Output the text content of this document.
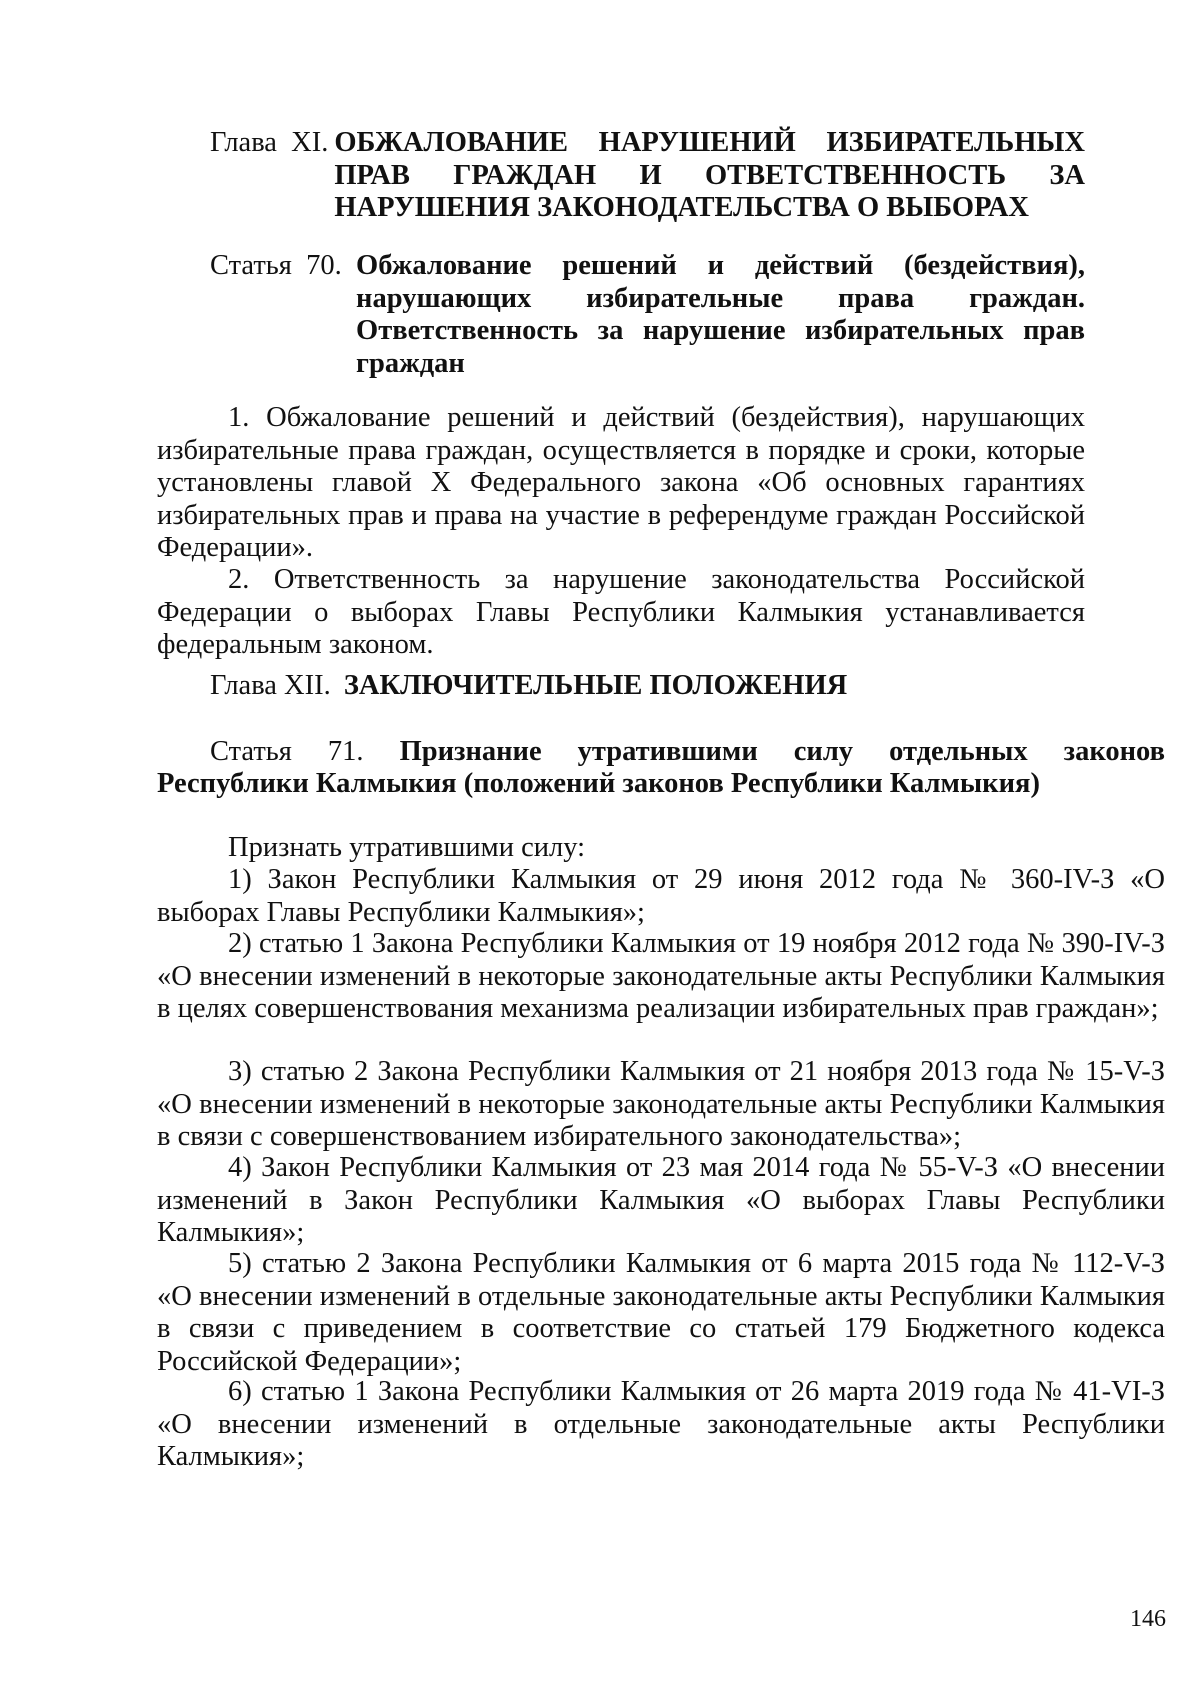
Глава  XI. ОБЖАЛОВАНИЕ НАРУШЕНИЙ ИЗБИРАТЕЛЬНЫХ ПРАВ ГРАЖДАН И ОТВЕТСТВЕННОСТЬ ЗА НАРУШЕНИЯ ЗАКОНОДАТЕЛЬСТВА О ВЫБОРАХ
Статья  70. Обжалование решений и действий (бездействия), нарушающих избирательные права граждан. Ответственность за нарушение избирательных прав граждан
1. Обжалование решений и действий (бездействия), нарушающих избирательные права граждан, осуществляется в порядке и сроки, которые установлены главой X Федерального закона «Об основных гарантиях избирательных прав и права на участие в референдуме граждан Российской Федерации».
2. Ответственность за нарушение законодательства Российской Федерации о выборах Главы Республики Калмыкия устанавливается федеральным законом.
Глава XII. ЗАКЛЮЧИТЕЛЬНЫЕ ПОЛОЖЕНИЯ
Статья 71. Признание утратившими силу отдельных законов
Республики Калмыкия (положений законов Республики Калмыкия)
Признать утратившими силу:
1) Закон Республики Калмыкия от 29 июня 2012 года № 360-IV-З «О выборах Главы Республики Калмыкия»;
2) статью 1 Закона Республики Калмыкия от 19 ноября 2012 года № 390-IV-З «О внесении изменений в некоторые законодательные акты Республики Калмыкия в целях совершенствования механизма реализации избирательных прав граждан»;
3) статью 2 Закона Республики Калмыкия от 21 ноября 2013 года № 15-V-З «О внесении изменений в некоторые законодательные акты Республики Калмыкия в связи с совершенствованием избирательного законодательства»;
4) Закон Республики Калмыкия от 23 мая 2014 года № 55-V-З «О внесении изменений в Закон Республики Калмыкия «О выборах Главы Республики Калмыкия»;
5) статью 2 Закона Республики Калмыкия от 6 марта 2015 года № 112-V-З «О внесении изменений в отдельные законодательные акты Республики Калмыкия в связи с приведением в соответствие со статьей 179 Бюджетного кодекса Российской Федерации»;
6) статью 1 Закона Республики Калмыкия от 26 марта 2019 года № 41-VI-З «О внесении изменений в отдельные законодательные акты Республики Калмыкия»;
146
